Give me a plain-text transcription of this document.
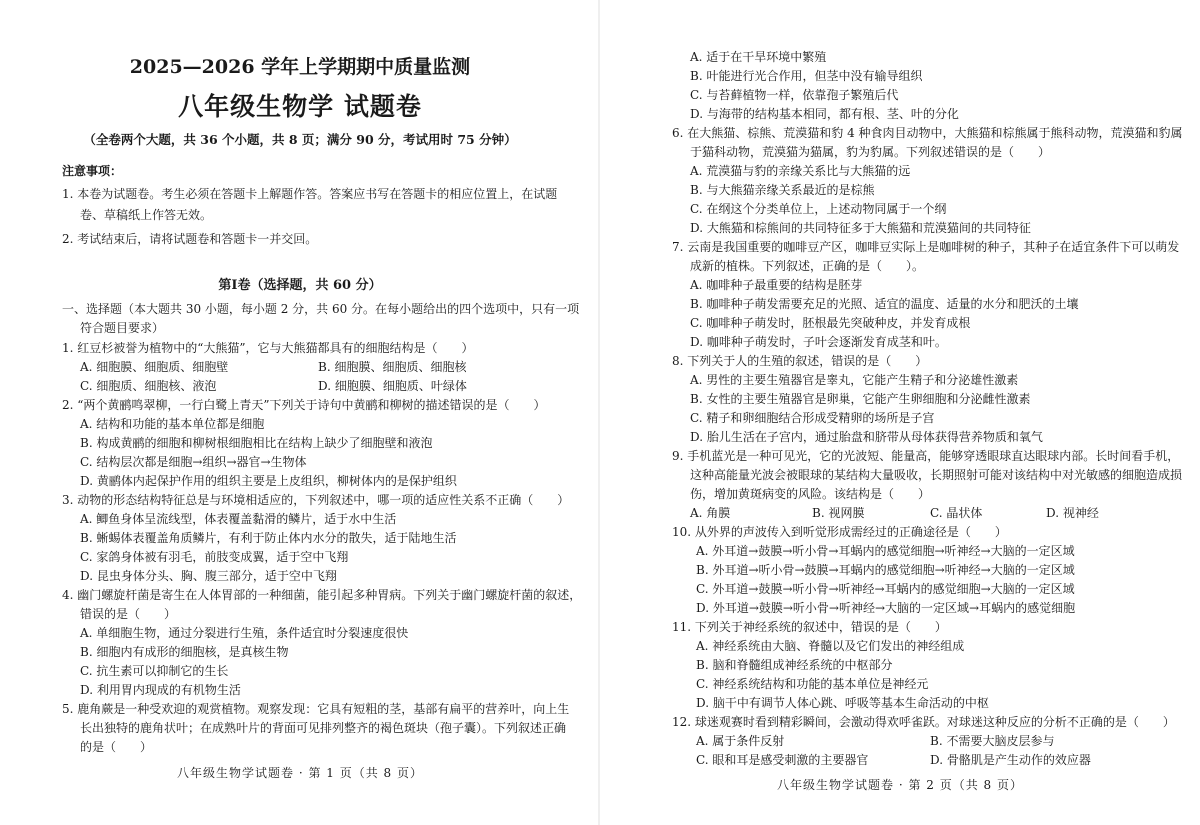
2025—2026 学年上学期期中质量监测
八年级生物学 试题卷
（全卷两个大题，共 36 个小题，共 8 页；满分 90 分，考试用时 75 分钟）
注意事项：
1. 本卷为试题卷。考生必须在答题卡上解题作答。答案应书写在答题卡的相应位置上，在试题
卷、草稿纸上作答无效。
2. 考试结束后，请将试题卷和答题卡一并交回。
第Ⅰ卷（选择题，共 60 分）
一、选择题（本大题共 30 小题，每小题 2 分，共 60 分。在每小题给出的四个选项中，只有一项
符合题目要求）
1. 红豆杉被誉为植物中的“大熊猫”，它与大熊猫都具有的细胞结构是（　　）
A. 细胞膜、细胞质、细胞壁	B. 细胞膜、细胞质、细胞核
C. 细胞质、细胞核、液泡	D. 细胞膜、细胞质、叶绿体
2. “两个黄鹂鸣翠柳，一行白鹭上青天”下列关于诗句中黄鹂和柳树的描述错误的是（　　）
A. 结构和功能的基本单位都是细胞
B. 构成黄鹂的细胞和柳树根细胞相比在结构上缺少了细胞壁和液泡
C. 结构层次都是细胞→组织→器官→生物体
D. 黄鹂体内起保护作用的组织主要是上皮组织，柳树体内的是保护组织
3. 动物的形态结构特征总是与环境相适应的，下列叙述中，哪一项的适应性关系不正确（　　）
A. 鲫鱼身体呈流线型，体表覆盖黏滑的鳞片，适于水中生活
B. 蜥蜴体表覆盖角质鳞片，有利于防止体内水分的散失，适于陆地生活
C. 家鸽身体被有羽毛，前肢变成翼，适于空中飞翔
D. 昆虫身体分头、胸、腹三部分，适于空中飞翔
4. 幽门螺旋杆菌是寄生在人体胃部的一种细菌，能引起多种胃病。下列关于幽门螺旋杆菌的叙述，
错误的是（　　）
A. 单细胞生物，通过分裂进行生殖，条件适宜时分裂速度很快
B. 细胞内有成形的细胞核，是真核生物
C. 抗生素可以抑制它的生长
D. 利用胃内现成的有机物生活
5. 鹿角蕨是一种受欢迎的观赏植物。观察发现：它具有短粗的茎，基部有扁平的营养叶，向上生
长出独特的鹿角状叶；在成熟叶片的背面可见排列整齐的褐色斑块（孢子囊）。下列叙述正确
的是（　　）
八年级生物学试题卷 · 第 1 页（共 8 页）
A. 适于在干旱环境中繁殖
B. 叶能进行光合作用，但茎中没有输导组织
C. 与苔藓植物一样，依靠孢子繁殖后代
D. 与海带的结构基本相同，都有根、茎、叶的分化
6. 在大熊猫、棕熊、荒漠猫和豹 4 种食肉目动物中，大熊猫和棕熊属于熊科动物，荒漠猫和豹属
于猫科动物，荒漠猫为猫属，豹为豹属。下列叙述错误的是（　　）
A. 荒漠猫与豹的亲缘关系比与大熊猫的远
B. 与大熊猫亲缘关系最近的是棕熊
C. 在纲这个分类单位上，上述动物同属于一个纲
D. 大熊猫和棕熊间的共同特征多于大熊猫和荒漠猫间的共同特征
7. 云南是我国重要的咖啡豆产区，咖啡豆实际上是咖啡树的种子，其种子在适宜条件下可以萌发
成新的植株。下列叙述，正确的是（　　）。
A. 咖啡种子最重要的结构是胚芽
B. 咖啡种子萌发需要充足的光照、适宜的温度、适量的水分和肥沃的土壤
C. 咖啡种子萌发时，胚根最先突破种皮，并发育成根
D. 咖啡种子萌发时，子叶会逐渐发育成茎和叶。
8. 下列关于人的生殖的叙述，错误的是（　　）
A. 男性的主要生殖器官是睾丸，它能产生精子和分泌雄性激素
B. 女性的主要生殖器官是卵巢，它能产生卵细胞和分泌雌性激素
C. 精子和卵细胞结合形成受精卵的场所是子宫
D. 胎儿生活在子宫内，通过胎盘和脐带从母体获得营养物质和氧气
9. 手机蓝光是一种可见光，它的光波短、能量高，能够穿透眼球直达眼球内部。长时间看手机，
这种高能量光波会被眼球的某结构大量吸收，长期照射可能对该结构中对光敏感的细胞造成损
伤，增加黄斑病变的风险。该结构是（　　）
A. 角膜	B. 视网膜	C. 晶状体	D. 视神经
10. 从外界的声波传入到听觉形成需经过的正确途径是（　　）
A. 外耳道→鼓膜→听小骨→耳蜗内的感觉细胞→听神经→大脑的一定区域
B. 外耳道→听小骨→鼓膜→耳蜗内的感觉细胞→听神经→大脑的一定区域
C. 外耳道→鼓膜→听小骨→听神经→耳蜗内的感觉细胞→大脑的一定区域
D. 外耳道→鼓膜→听小骨→听神经→大脑的一定区域→耳蜗内的感觉细胞
11. 下列关于神经系统的叙述中，错误的是（　　）
A. 神经系统由大脑、脊髓以及它们发出的神经组成
B. 脑和脊髓组成神经系统的中枢部分
C. 神经系统结构和功能的基本单位是神经元
D. 脑干中有调节人体心跳、呼吸等基本生命活动的中枢
12. 球迷观赛时看到精彩瞬间，会激动得欢呼雀跃。对球迷这种反应的分析不正确的是（　　）
A. 属于条件反射	B. 不需要大脑皮层参与
C. 眼和耳是感受刺激的主要器官	D. 骨骼肌是产生动作的效应器
八年级生物学试题卷 · 第 2 页（共 8 页）
